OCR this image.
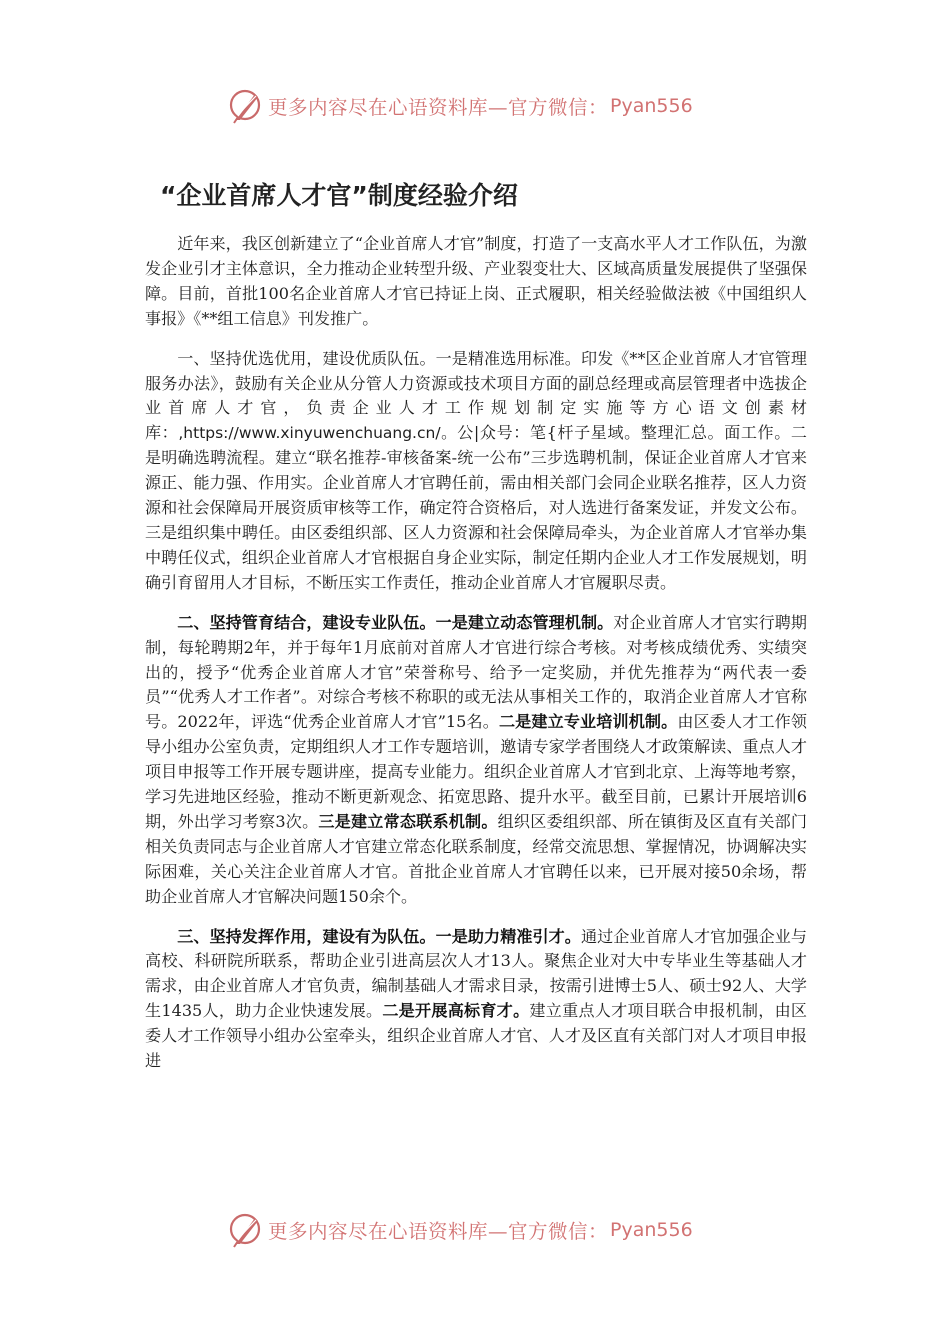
更多内容尽在心语资料库—官方微信： Pyan556
“企业首席人才官”制度经验介绍

近年来，我区创新建立了“企业首席人才官”制度，打造了一支高水平人才工作队伍，为激发企业引才主体意识，全力推动企业转型升级、产业裂变壮大、区域高质量发展提供了坚强保障。目前，首批100名企业首席人才官已持证上岗、正式履职，相关经验做法被《中国组织人事报》《**组工信息》刊发推广。

一、坚持优选优用，建设优质队伍。一是精准选用标准。印发《**区企业首席人才官管理服务办法》，鼓励有关企业从分管人力资源或技术项目方面的副总经理或高层管理者中选拔企业首席人才官，负责企业人才工作规划制定实施等方心语文创素材库：,https://www.xinyuwenchuang.cn/。公|众号：笔{杆子星域。整理汇总。面工作。二是明确选聘流程。建立“联名推荐-审核备案-统一公布”三步选聘机制，保证企业首席人才官来源正、能力强、作用实。企业首席人才官聘任前，需由相关部门会同企业联名推荐，区人力资源和社会保障局开展资质审核等工作，确定符合资格后，对人选进行备案发证，并发文公布。三是组织集中聘任。由区委组织部、区人力资源和社会保障局牵头，为企业首席人才官举办集中聘任仪式，组织企业首席人才官根据自身企业实际，制定任期内企业人才工作发展规划，明确引育留用人才目标，不断压实工作责任，推动企业首席人才官履职尽责。

二、坚持管育结合，建设专业队伍。一是建立动态管理机制。对企业首席人才官实行聘期制，每轮聘期2年，并于每年1月底前对首席人才官进行综合考核。对考核成绩优秀、实绩突出的，授予“优秀企业首席人才官”荣誉称号、给予一定奖励，并优先推荐为“两代表一委员”“优秀人才工作者”。对综合考核不称职的或无法从事相关工作的，取消企业首席人才官称号。2022年，评选“优秀企业首席人才官”15名。二是建立专业培训机制。由区委人才工作领导小组办公室负责，定期组织人才工作专题培训，邀请专家学者围绕人才政策解读、重点人才项目申报等工作开展专题讲座，提高专业能力。组织企业首席人才官到北京、上海等地考察，学习先进地区经验，推动不断更新观念、拓宽思路、提升水平。截至目前，已累计开展培训6期，外出学习考察3次。三是建立常态联系机制。组织区委组织部、所在镇街及区直有关部门相关负责同志与企业首席人才官建立常态化联系制度，经常交流思想、掌握情况，协调解决实际困难，关心关注企业首席人才官。首批企业首席人才官聘任以来，已开展对接50余场，帮助企业首席人才官解决问题150余个。

三、坚持发挥作用，建设有为队伍。一是助力精准引才。通过企业首席人才官加强企业与高校、科研院所联系，帮助企业引进高层次人才13人。聚焦企业对大中专毕业生等基础人才需求，由企业首席人才官负责，编制基础人才需求目录，按需引进博士5人、硕士92人、大学生1435人，助力企业快速发展。二是开展高标育才。建立重点人才项目联合申报机制，由区委人才工作领导小组办公室牵头，组织企业首席人才官、人才及区直有关部门对人才项目申报进

更多内容尽在心语资料库—官方微信： Pyan556
